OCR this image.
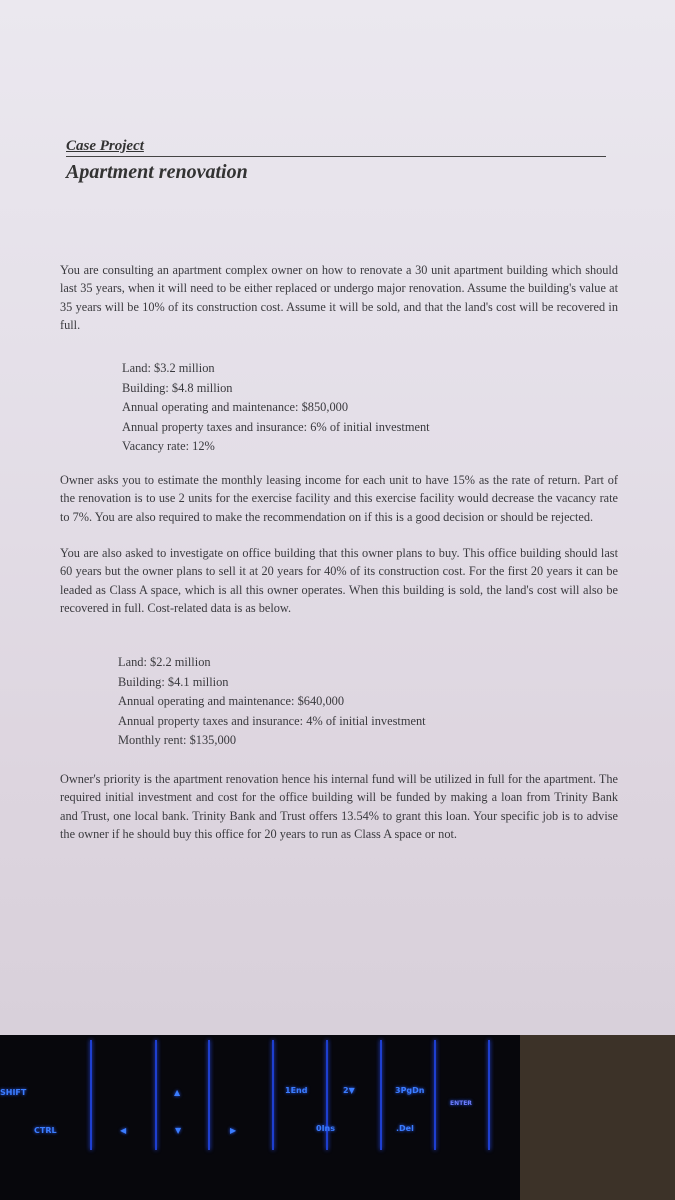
Case Project
Apartment renovation
You are consulting an apartment complex owner on how to renovate a 30 unit apartment building which should last 35 years, when it will need to be either replaced or undergo major renovation. Assume the building's value at 35 years will be 10% of its construction cost. Assume it will be sold, and that the land's cost will be recovered in full.
Land: $3.2 million
Building: $4.8 million
Annual operating and maintenance: $850,000
Annual property taxes and insurance: 6% of initial investment
Vacancy rate: 12%
Owner asks you to estimate the monthly leasing income for each unit to have 15% as the rate of return. Part of the renovation is to use 2 units for the exercise facility and this exercise facility would decrease the vacancy rate to 7%. You are also required to make the recommendation on if this is a good decision or should be rejected.
You are also asked to investigate on office building that this owner plans to buy. This office building should last 60 years but the owner plans to sell it at 20 years for 40% of its construction cost. For the first 20 years it can be leaded as Class A space, which is all this owner operates. When this building is sold, the land's cost will also be recovered in full. Cost-related data is as below.
Land: $2.2 million
Building: $4.1 million
Annual operating and maintenance: $640,000
Annual property taxes and insurance: 4% of initial investment
Monthly rent: $135,000
Owner's priority is the apartment renovation hence his internal fund will be utilized in full for the apartment. The required initial investment and cost for the office building will be funded by making a loan from Trinity Bank and Trust, one local bank. Trinity Bank and Trust offers 13.54% to grant this loan. Your specific job is to advise the owner if he should buy this office for 20 years to run as Class A space or not.
SHIFT
CTRL
▲
◀	▼	▶
1End	2▼	3PgDn
0Ins	.Del
ENTER
